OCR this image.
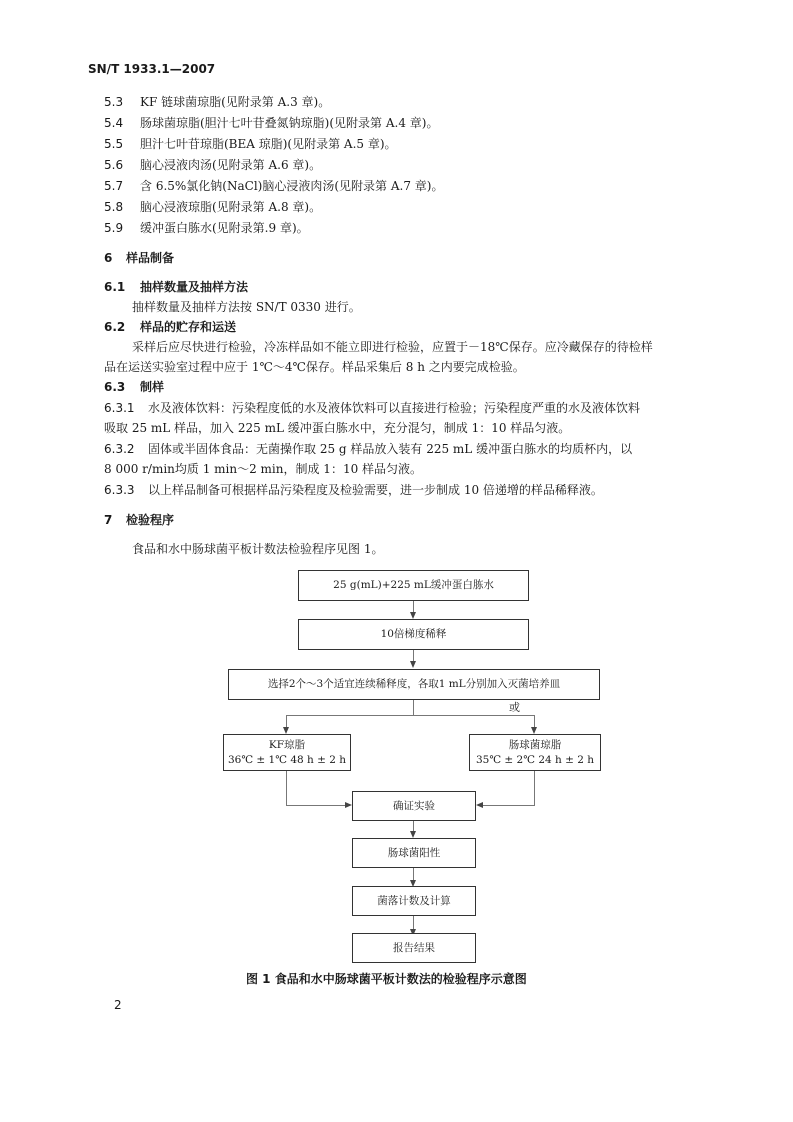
SN/T 1933.1—2007
5.3 KF 链球菌琼脂(见附录第 A.3 章)。
5.4 肠球菌琼脂(胆汁七叶苷叠氮钠琼脂)(见附录第 A.4 章)。
5.5 胆汁七叶苷琼脂(BEA 琼脂)(见附录第 A.5 章)。
5.6 脑心浸液肉汤(见附录第 A.6 章)。
5.7 含 6.5%氯化钠(NaCl)脑心浸液肉汤(见附录第 A.7 章)。
5.8 脑心浸液琼脂(见附录第 A.8 章)。
5.9 缓冲蛋白胨水(见附录第.9 章)。
6 样品制备
6.1 抽样数量及抽样方法
抽样数量及抽样方法按 SN/T 0330 进行。
6.2 样品的贮存和运送
采样后应尽快进行检验，冷冻样品如不能立即进行检验，应置于－18℃保存。应冷藏保存的待检样
品在运送实验室过程中应于 1℃～4℃保存。样品采集后 8 h 之内要完成检验。
6.3 制样
6.3.1 水及液体饮料：污染程度低的水及液体饮料可以直接进行检验；污染程度严重的水及液体饮料
吸取 25 mL 样品，加入 225 mL 缓冲蛋白胨水中，充分混匀，制成 1：10 样品匀液。
6.3.2 固体或半固体食品：无菌操作取 25 g 样品放入装有 225 mL 缓冲蛋白胨水的均质杯内，以
8 000 r/min均质 1 min～2 min，制成 1：10 样品匀液。
6.3.3 以上样品制备可根据样品污染程度及检验需要，进一步制成 10 倍递增的样品稀释液。
7 检验程序
食品和水中肠球菌平板计数法检验程序见图 1。
25 g(mL)+225 mL缓冲蛋白胨水
10倍梯度稀释
选择2个～3个适宜连续稀释度，各取1 mL分别加入灭菌培养皿
或
KF琼脂
36℃ ± 1℃ 48 h ± 2 h
肠球菌琼脂
35℃ ± 2℃ 24 h ± 2 h
确证实验
肠球菌阳性
菌落计数及计算
报告结果
图 1 食品和水中肠球菌平板计数法的检验程序示意图
2
